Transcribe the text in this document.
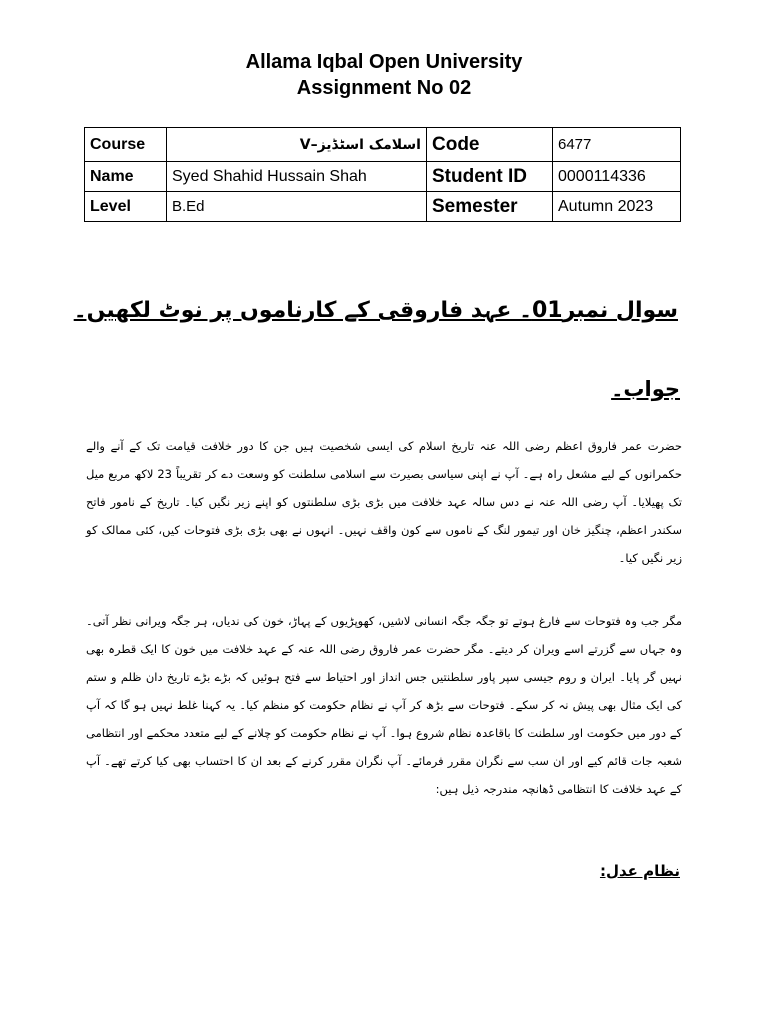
Allama Iqbal Open University
Assignment No 02
Course	اسلامک اسٹڈیز–V	Code	6477
Name	Syed Shahid Hussain Shah	Student ID	0000114336
Level	B.Ed	Semester	Autumn 2023
سوال نمبر01۔ عہد فاروقی کے کارناموں پر نوٹ لکھیں۔
جواب۔
حضرت عمر فاروق اعظم رضی اللہ عنہ تاریخ اسلام کی ایسی شخصیت ہیں جن کا دور خلافت قیامت تک کے آنے والے حکمرانوں کے لیے مشعل راہ ہے۔ آپ نے اپنی سیاسی بصیرت سے اسلامی سلطنت کو وسعت دے کر تقریباً 23 لاکھ مربع میل تک پھیلایا۔ آپ رضی اللہ عنہ نے دس سالہ عہد خلافت میں بڑی بڑی سلطنتوں کو اپنے زیر نگیں کیا۔ تاریخ کے نامور فاتح سکندر اعظم، چنگیز خان اور تیمور لنگ کے ناموں سے کون واقف نہیں۔ انہوں نے بھی بڑی بڑی فتوحات کیں، کئی ممالک کو زیر نگیں کیا۔
مگر جب وہ فتوحات سے فارغ ہوتے تو جگہ جگہ انسانی لاشیں، کھوپڑیوں کے پہاڑ، خون کی ندیاں، ہر جگہ ویرانی نظر آتی۔ وہ جہاں سے گزرتے اسے ویران کر دیتے۔ مگر حضرت عمر فاروق رضی اللہ عنہ کے عہد خلافت میں خون کا ایک قطرہ بھی نہیں گر پایا۔ ایران و روم جیسی سپر پاور سلطنتیں جس انداز اور احتیاط سے فتح ہوئیں کہ بڑے بڑے تاریخ دان ظلم و ستم کی ایک مثال بھی پیش نہ کر سکے۔ فتوحات سے بڑھ کر آپ نے نظام حکومت کو منظم کیا۔ یہ کہنا غلط نہیں ہو گا کہ آپ کے دور میں حکومت اور سلطنت کا باقاعدہ نظام شروع ہوا۔ آپ نے نظام حکومت کو چلانے کے لیے متعدد محکمے اور انتظامی شعبہ جات قائم کیے اور ان سب سے نگران مقرر فرمائے۔ آپ نگران مقرر کرنے کے بعد ان کا احتساب بھی کیا کرتے تھے۔ آپ کے عہد خلافت کا انتظامی ڈھانچہ مندرجہ ذیل ہیں:
نظام عدل:
